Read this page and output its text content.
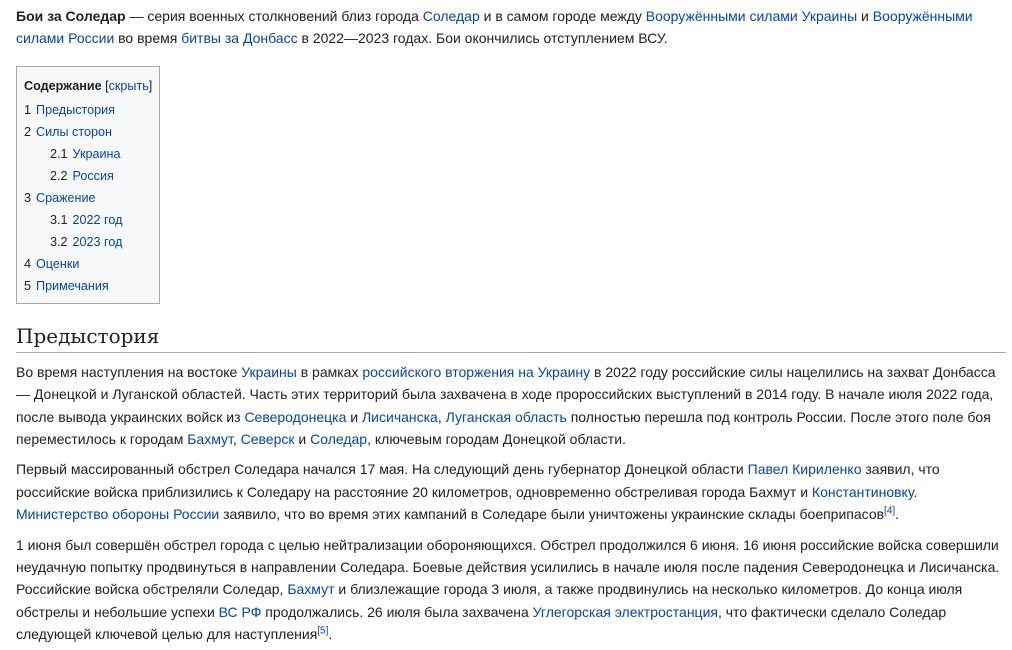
Бои за Соледар — серия военных столкновений близ города Соледар и в самом городе между Вооружёнными силами Украины и Вооружёнными силами России во время битвы за Донбасс в 2022—2023 годах. Бои окончились отступлением ВСУ.

Содержание [скрыть]
1 Предыстория
2 Силы сторон
2.1 Украина
2.2 Россия
3 Сражение
3.1 2022 год
3.2 2023 год
4 Оценки
5 Примечания
Предыстория

Во время наступления на востоке Украины в рамках российского вторжения на Украину в 2022 году российские силы нацелились на захват Донбасса — Донецкой и Луганской областей. Часть этих территорий была захвачена в ходе пророссийских выступлений в 2014 году. В начале июля 2022 года, после вывода украинских войск из Северодонецка и Лисичанска, Луганская область полностью перешла под контроль России. После этого поле боя переместилось к городам Бахмут, Северск и Соледар, ключевым городам Донецкой области.

Первый массированный обстрел Соледара начался 17 мая. На следующий день губернатор Донецкой области Павел Кириленко заявил, что российские войска приблизились к Соледару на расстояние 20 километров, одновременно обстреливая города Бахмут и Константиновку. Министерство обороны России заявило, что во время этих кампаний в Соледаре были уничтожены украинские склады боеприпасов[4].

1 июня был совершён обстрел города с целью нейтрализации обороняющихся. Обстрел продолжился 6 июня. 16 июня российские войска совершили неудачную попытку продвинуться в направлении Соледара. Боевые действия усилились в начале июля после падения Северодонецка и Лисичанска. Российские войска обстреляли Соледар, Бахмут и близлежащие города 3 июля, а также продвинулись на несколько километров. До конца июля обстрелы и небольшие успехи ВС РФ продолжались. 26 июля была захвачена Углегорская электростанция, что фактически сделало Соледар следующей ключевой целью для наступления[5].
